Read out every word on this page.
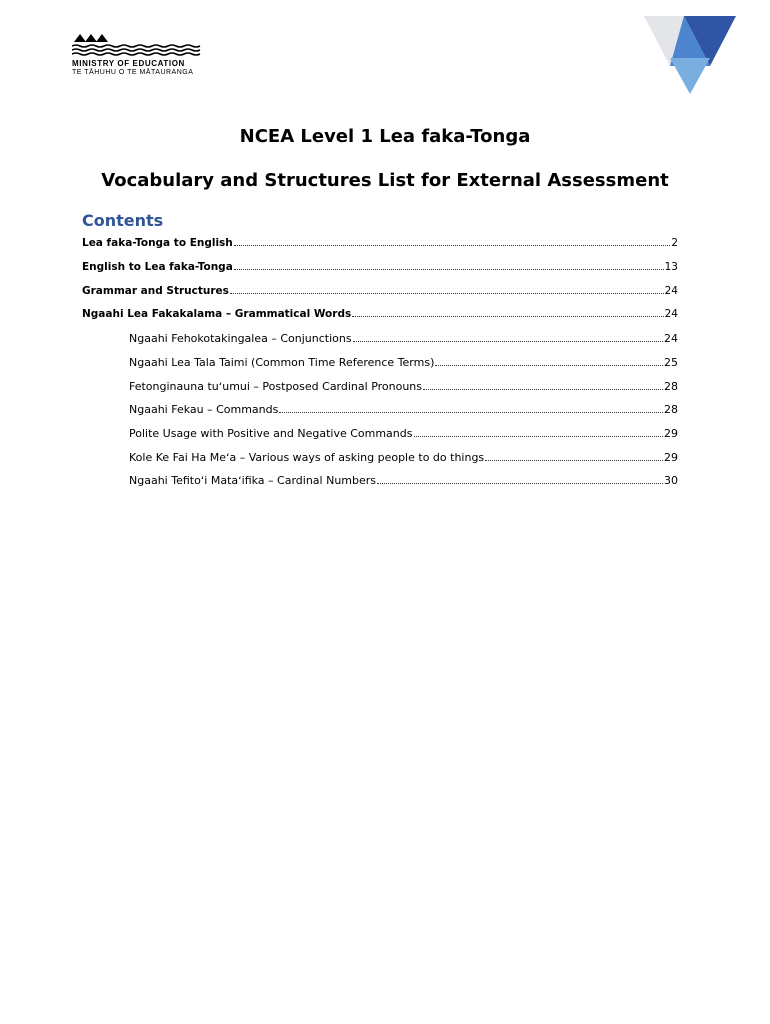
MINISTRY OF EDUCATION
TE TĀHUHU O TE MĀTAURANGA
NCEA Level 1 Lea faka-Tonga
Vocabulary and Structures List for External Assessment
Contents
Lea faka-Tonga to English	2
English to Lea faka-Tonga	13
Grammar and Structures	24
Ngaahi Lea Fakakalama – Grammatical Words	24
Ngaahi Fehokotakingalea – Conjunctions	24
Ngaahi Lea Tala Taimi (Common Time Reference Terms)	25
Fetonginauna tuʻumui – Postposed Cardinal Pronouns	28
Ngaahi Fekau – Commands	28
Polite Usage with Positive and Negative Commands	29
Kole Ke Fai Ha Meʻa – Various ways of asking people to do things	29
Ngaahi Tefitoʻi Mataʻifika – Cardinal Numbers	30
